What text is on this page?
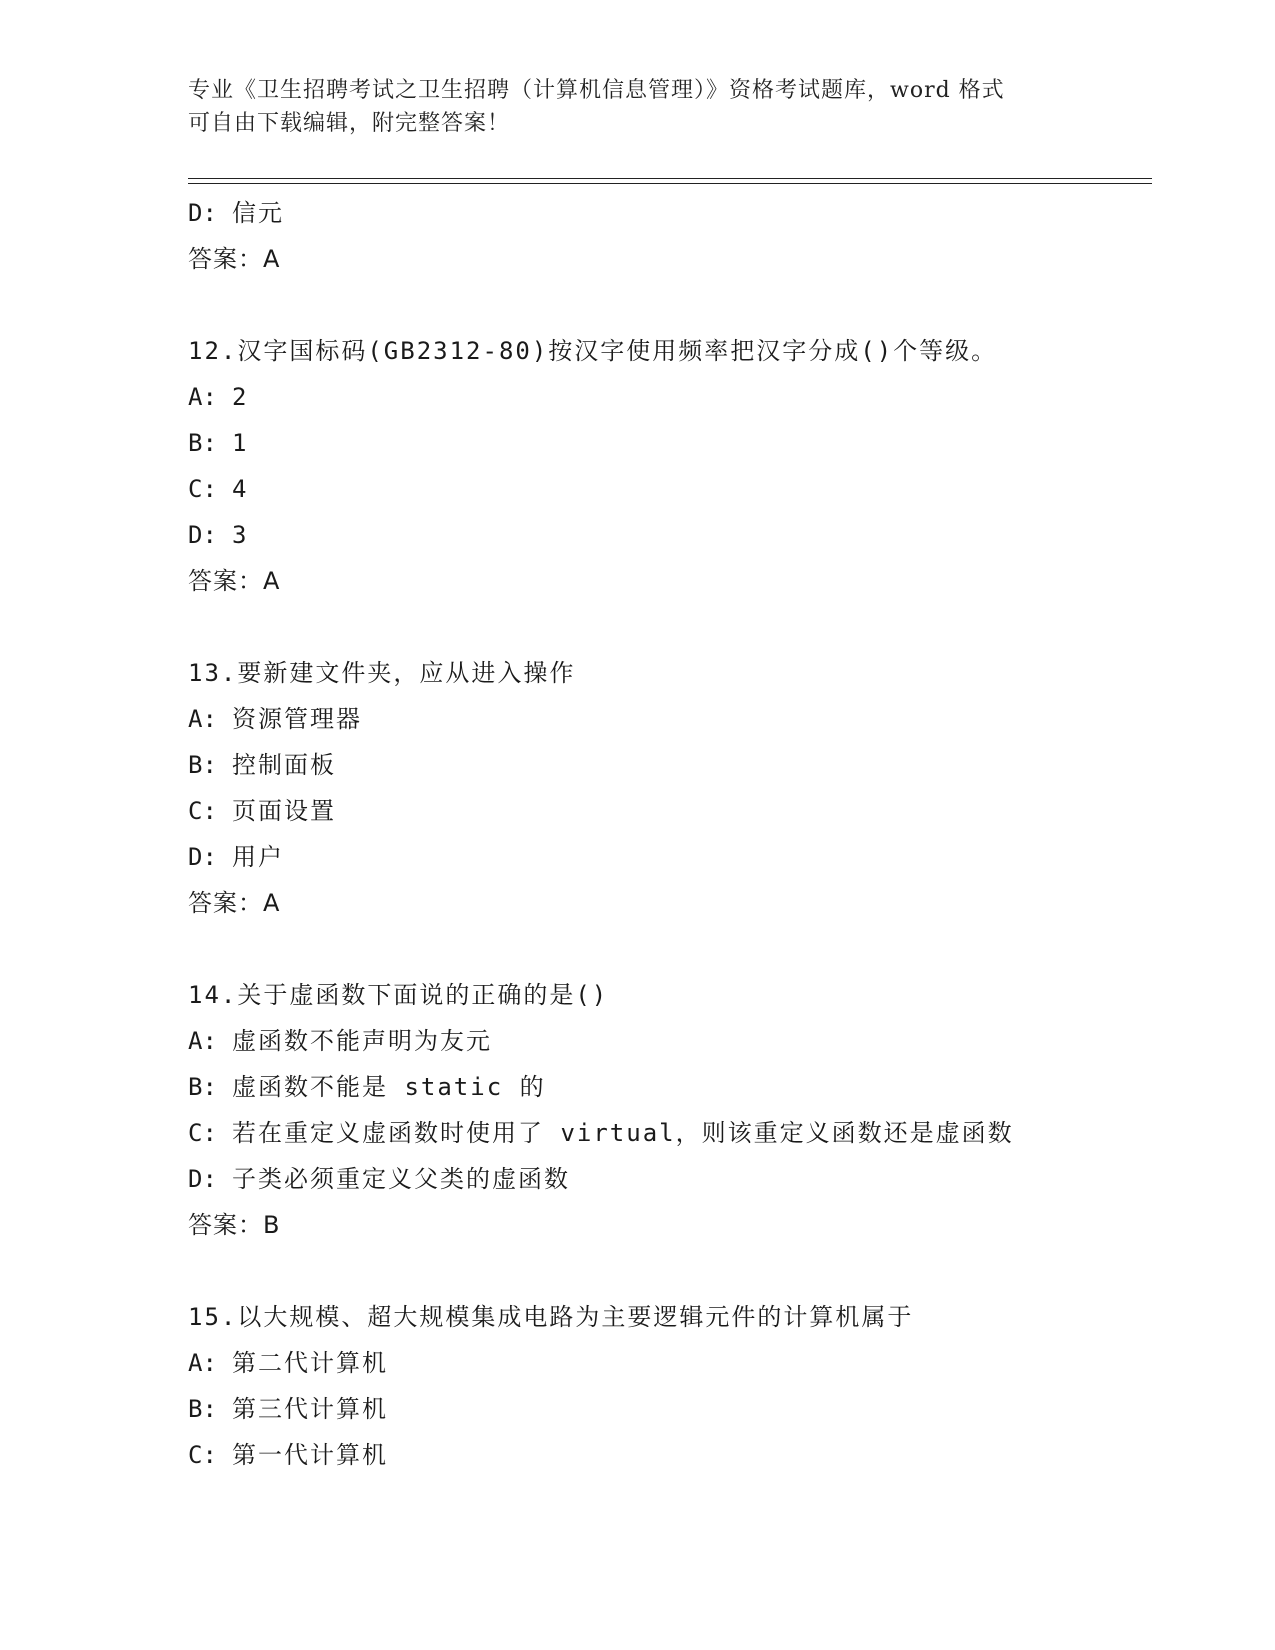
专业《卫生招聘考试之卫生招聘（计算机信息管理）》资格考试题库，word 格式
可自由下载编辑，附完整答案！
D: 信元
答案：A
12.汉字国标码(GB2312-80)按汉字使用频率把汉字分成()个等级。
A: 2
B: 1
C: 4
D: 3
答案：A
13.要新建文件夹，应从进入操作
A: 资源管理器
B: 控制面板
C: 页面设置
D: 用户
答案：A
14.关于虚函数下面说的正确的是()
A: 虚函数不能声明为友元
B: 虚函数不能是 static 的
C: 若在重定义虚函数时使用了 virtual，则该重定义函数还是虚函数
D: 子类必须重定义父类的虚函数
答案：B
15.以大规模、超大规模集成电路为主要逻辑元件的计算机属于
A: 第二代计算机
B: 第三代计算机
C: 第一代计算机
